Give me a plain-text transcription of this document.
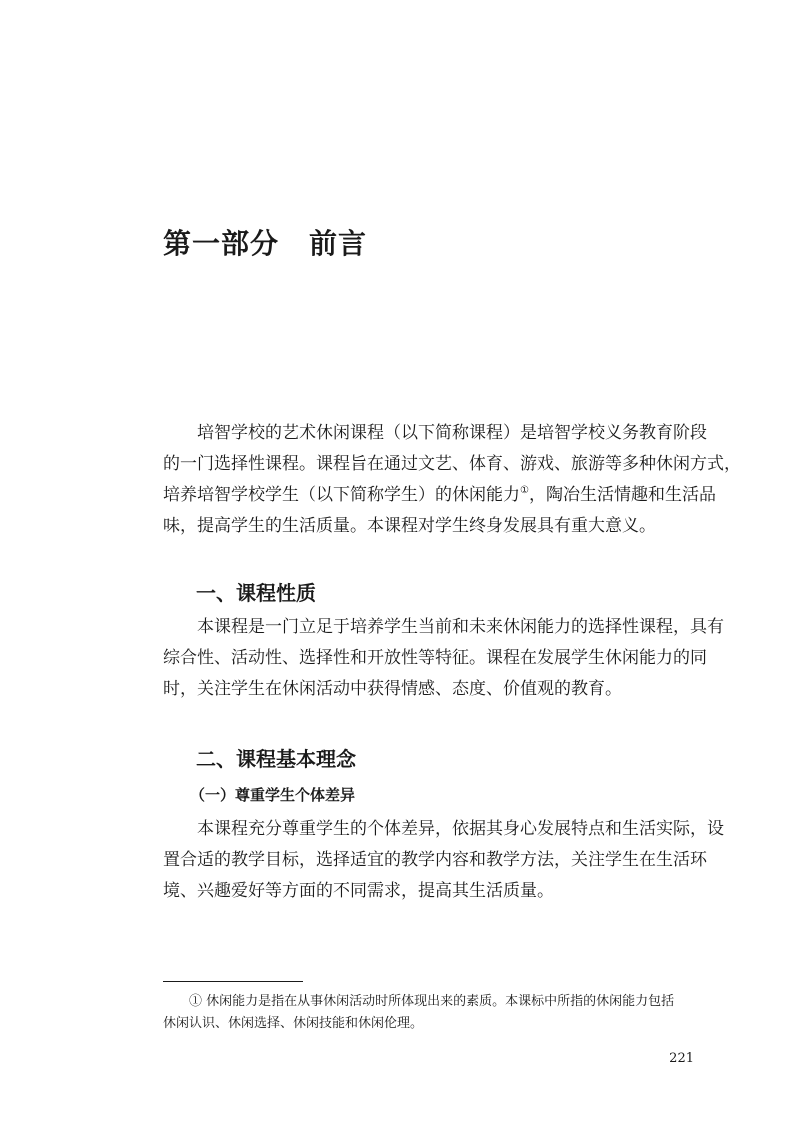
第一部分 前言

培智学校的艺术休闲课程（以下简称课程）是培智学校义务教育阶段
的一门选择性课程。课程旨在通过文艺、体育、游戏、旅游等多种休闲方式，
培养培智学校学生（以下简称学生）的休闲能力①，陶冶生活情趣和生活品
味，提高学生的生活质量。本课程对学生终身发展具有重大意义。

一、课程性质

本课程是一门立足于培养学生当前和未来休闲能力的选择性课程，具有
综合性、活动性、选择性和开放性等特征。课程在发展学生休闲能力的同
时，关注学生在休闲活动中获得情感、态度、价值观的教育。

二、课程基本理念
（一）尊重学生个体差异

本课程充分尊重学生的个体差异，依据其身心发展特点和生活实际，设
置合适的教学目标，选择适宜的教学内容和教学方法，关注学生在生活环
境、兴趣爱好等方面的不同需求，提高其生活质量。

① 休闲能力是指在从事休闲活动时所体现出来的素质。本课标中所指的休闲能力包括
休闲认识、休闲选择、休闲技能和休闲伦理。
221
